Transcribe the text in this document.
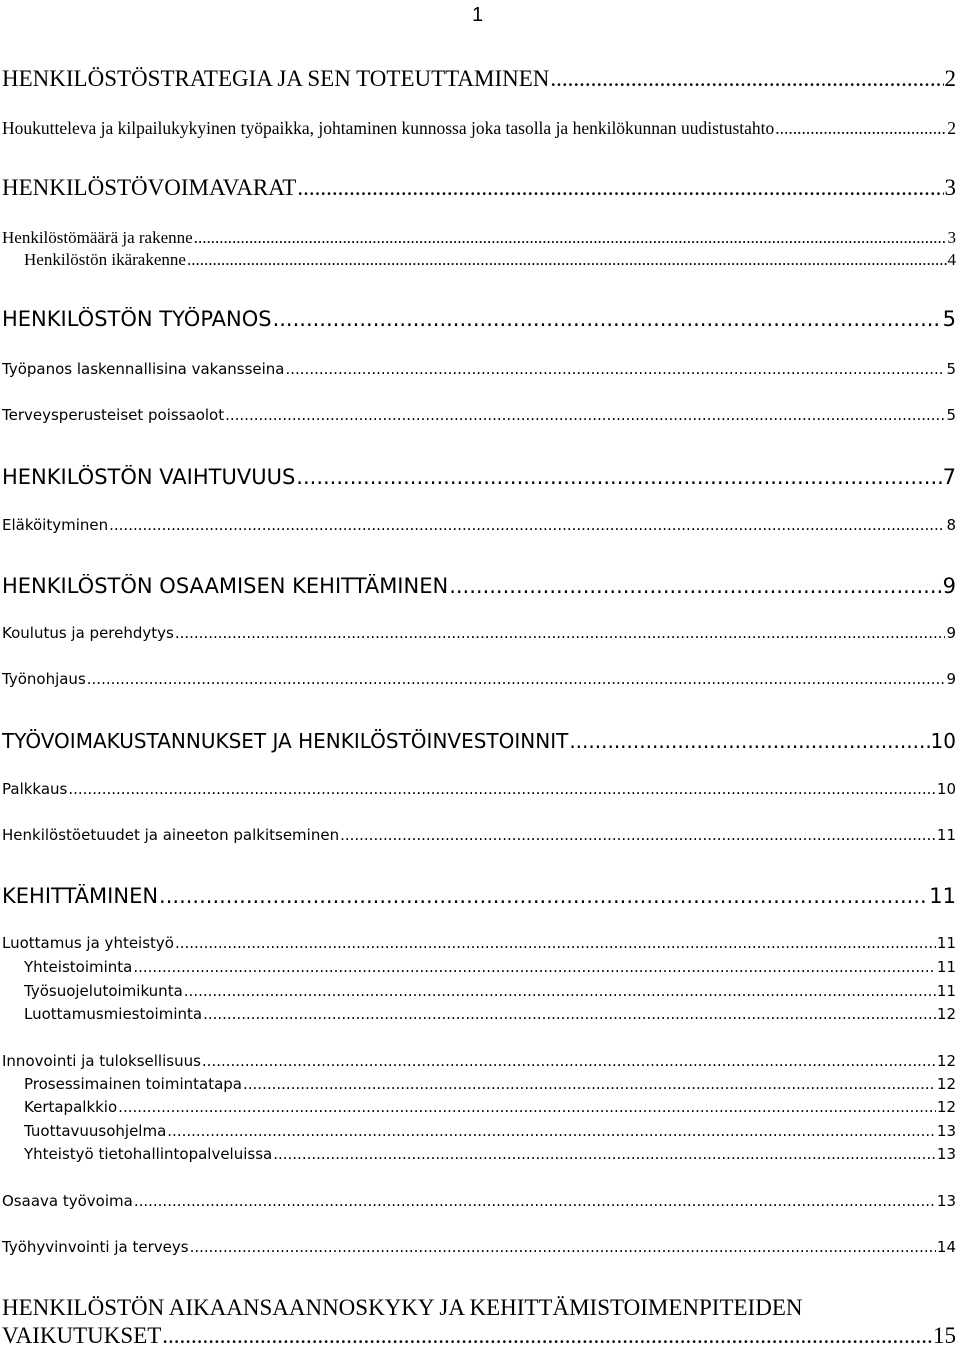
1
HENKILÖSTÖSTRATEGIA JA SEN TOTEUTTAMINEN .....	2
Houkutteleva ja kilpailukykyinen työpaikka, johtaminen kunnossa joka tasolla ja henkilökunnan uudistustahto .....	2
HENKILÖSTÖVOIMAVARAT .....	3
Henkilöstömäärä ja rakenne .....	3
Henkilöstön ikärakenne .....	4
HENKILÖSTÖN TYÖPANOS .....	5
Työpanos laskennallisina vakansseina .....	5
Terveysperusteiset poissaolot .....	5
HENKILÖSTÖN VAIHTUVUUS .....	7
Eläköityminen .....	8
HENKILÖSTÖN OSAAMISEN KEHITTÄMINEN .....	9
Koulutus ja perehdytys .....	9
Työnohjaus .....	9
TYÖVOIMAKUSTANNUKSET JA HENKILÖSTÖINVESTOINNIT .....	10
Palkkaus .....	10
Henkilöstöetuudet ja aineeton palkitseminen .....	11
KEHITTÄMINEN .....	11
Luottamus ja yhteistyö .....	11
Yhteistoiminta .....	11
Työsuojelutoimikunta .....	11
Luottamusmiestoiminta .....	12
Innovointi ja tuloksellisuus .....	12
Prosessimainen toimintatapa .....	12
Kertapalkkio .....	12
Tuottavuusohjelma .....	13
Yhteistyö tietohallintopalveluissa .....	13
Osaava työvoima .....	13
Työhyvinvointi ja terveys .....	14
HENKILÖSTÖN AIKAANSAANNOSKYKY JA KEHITTÄMISTOIMENPITEIDEN
VAIKUTUKSET .....	15
